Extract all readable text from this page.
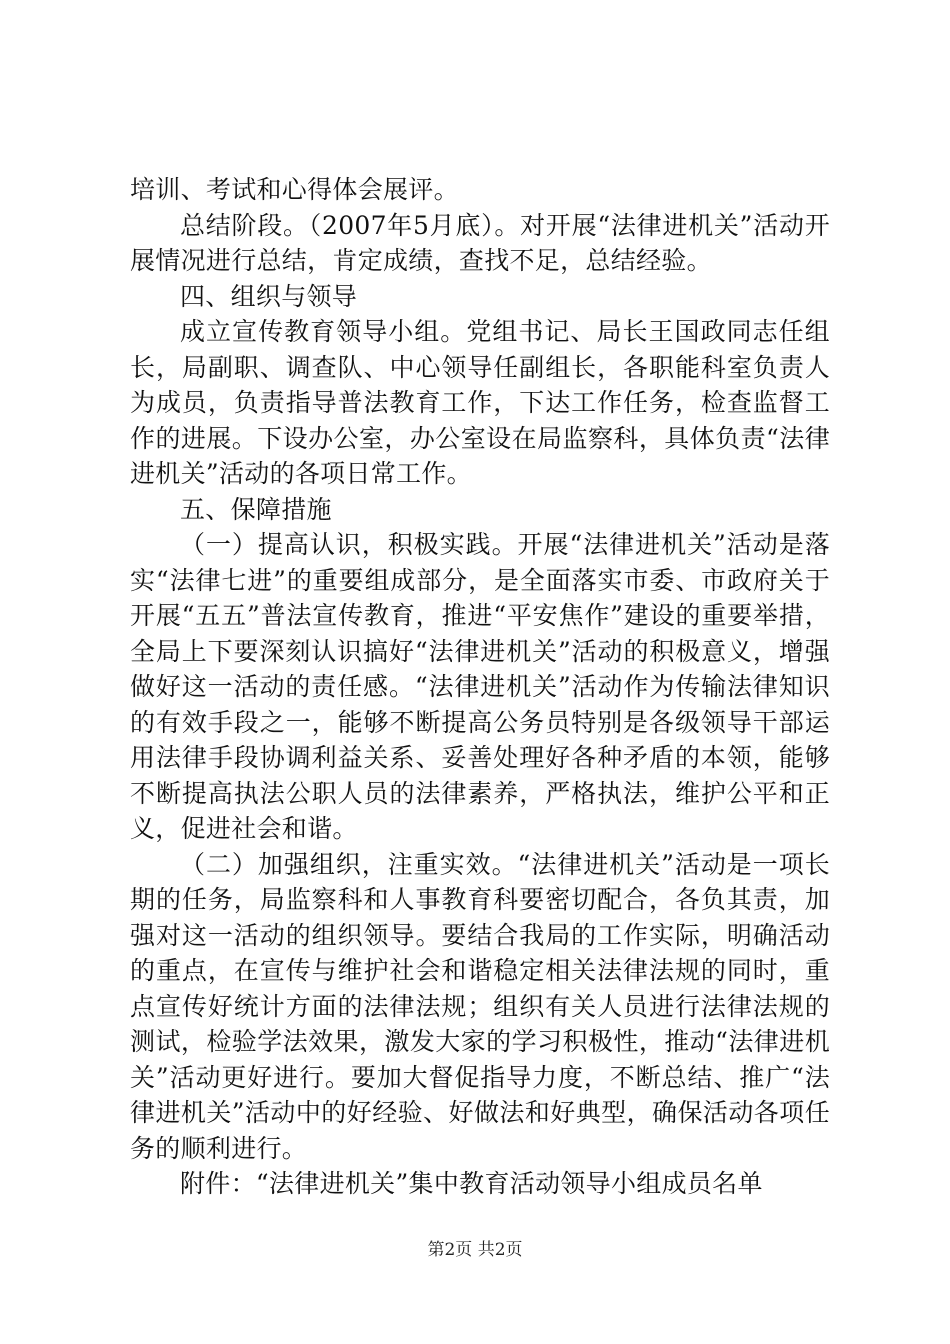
培训、考试和心得体会展评。

总结阶段。（2007年5月底）。对开展“法律进机关”活动开展情况进行总结，肯定成绩，查找不足，总结经验。

四、组织与领导

成立宣传教育领导小组。党组书记、局长王国政同志任组长，局副职、调查队、中心领导任副组长，各职能科室负责人为成员，负责指导普法教育工作，下达工作任务，检查监督工作的进展。下设办公室，办公室设在局监察科，具体负责“法律进机关”活动的各项日常工作。

五、保障措施

（一）提高认识，积极实践。开展“法律进机关”活动是落实“法律七进”的重要组成部分，是全面落实市委、市政府关于开展“五五”普法宣传教育，推进“平安焦作”建设的重要举措，全局上下要深刻认识搞好“法律进机关”活动的积极意义，增强做好这一活动的责任感。“法律进机关”活动作为传输法律知识的有效手段之一，能够不断提高公务员特别是各级领导干部运用法律手段协调利益关系、妥善处理好各种矛盾的本领，能够不断提高执法公职人员的法律素养，严格执法，维护公平和正义，促进社会和谐。

（二）加强组织，注重实效。“法律进机关”活动是一项长期的任务，局监察科和人事教育科要密切配合，各负其责，加强对这一活动的组织领导。要结合我局的工作实际，明确活动的重点，在宣传与维护社会和谐稳定相关法律法规的同时，重点宣传好统计方面的法律法规；组织有关人员进行法律法规的测试，检验学法效果，激发大家的学习积极性，推动“法律进机关”活动更好进行。要加大督促指导力度，不断总结、推广“法律进机关”活动中的好经验、好做法和好典型，确保活动各项任务的顺利进行。

附件：“法律进机关”集中教育活动领导小组成员名单

第2页 共2页
